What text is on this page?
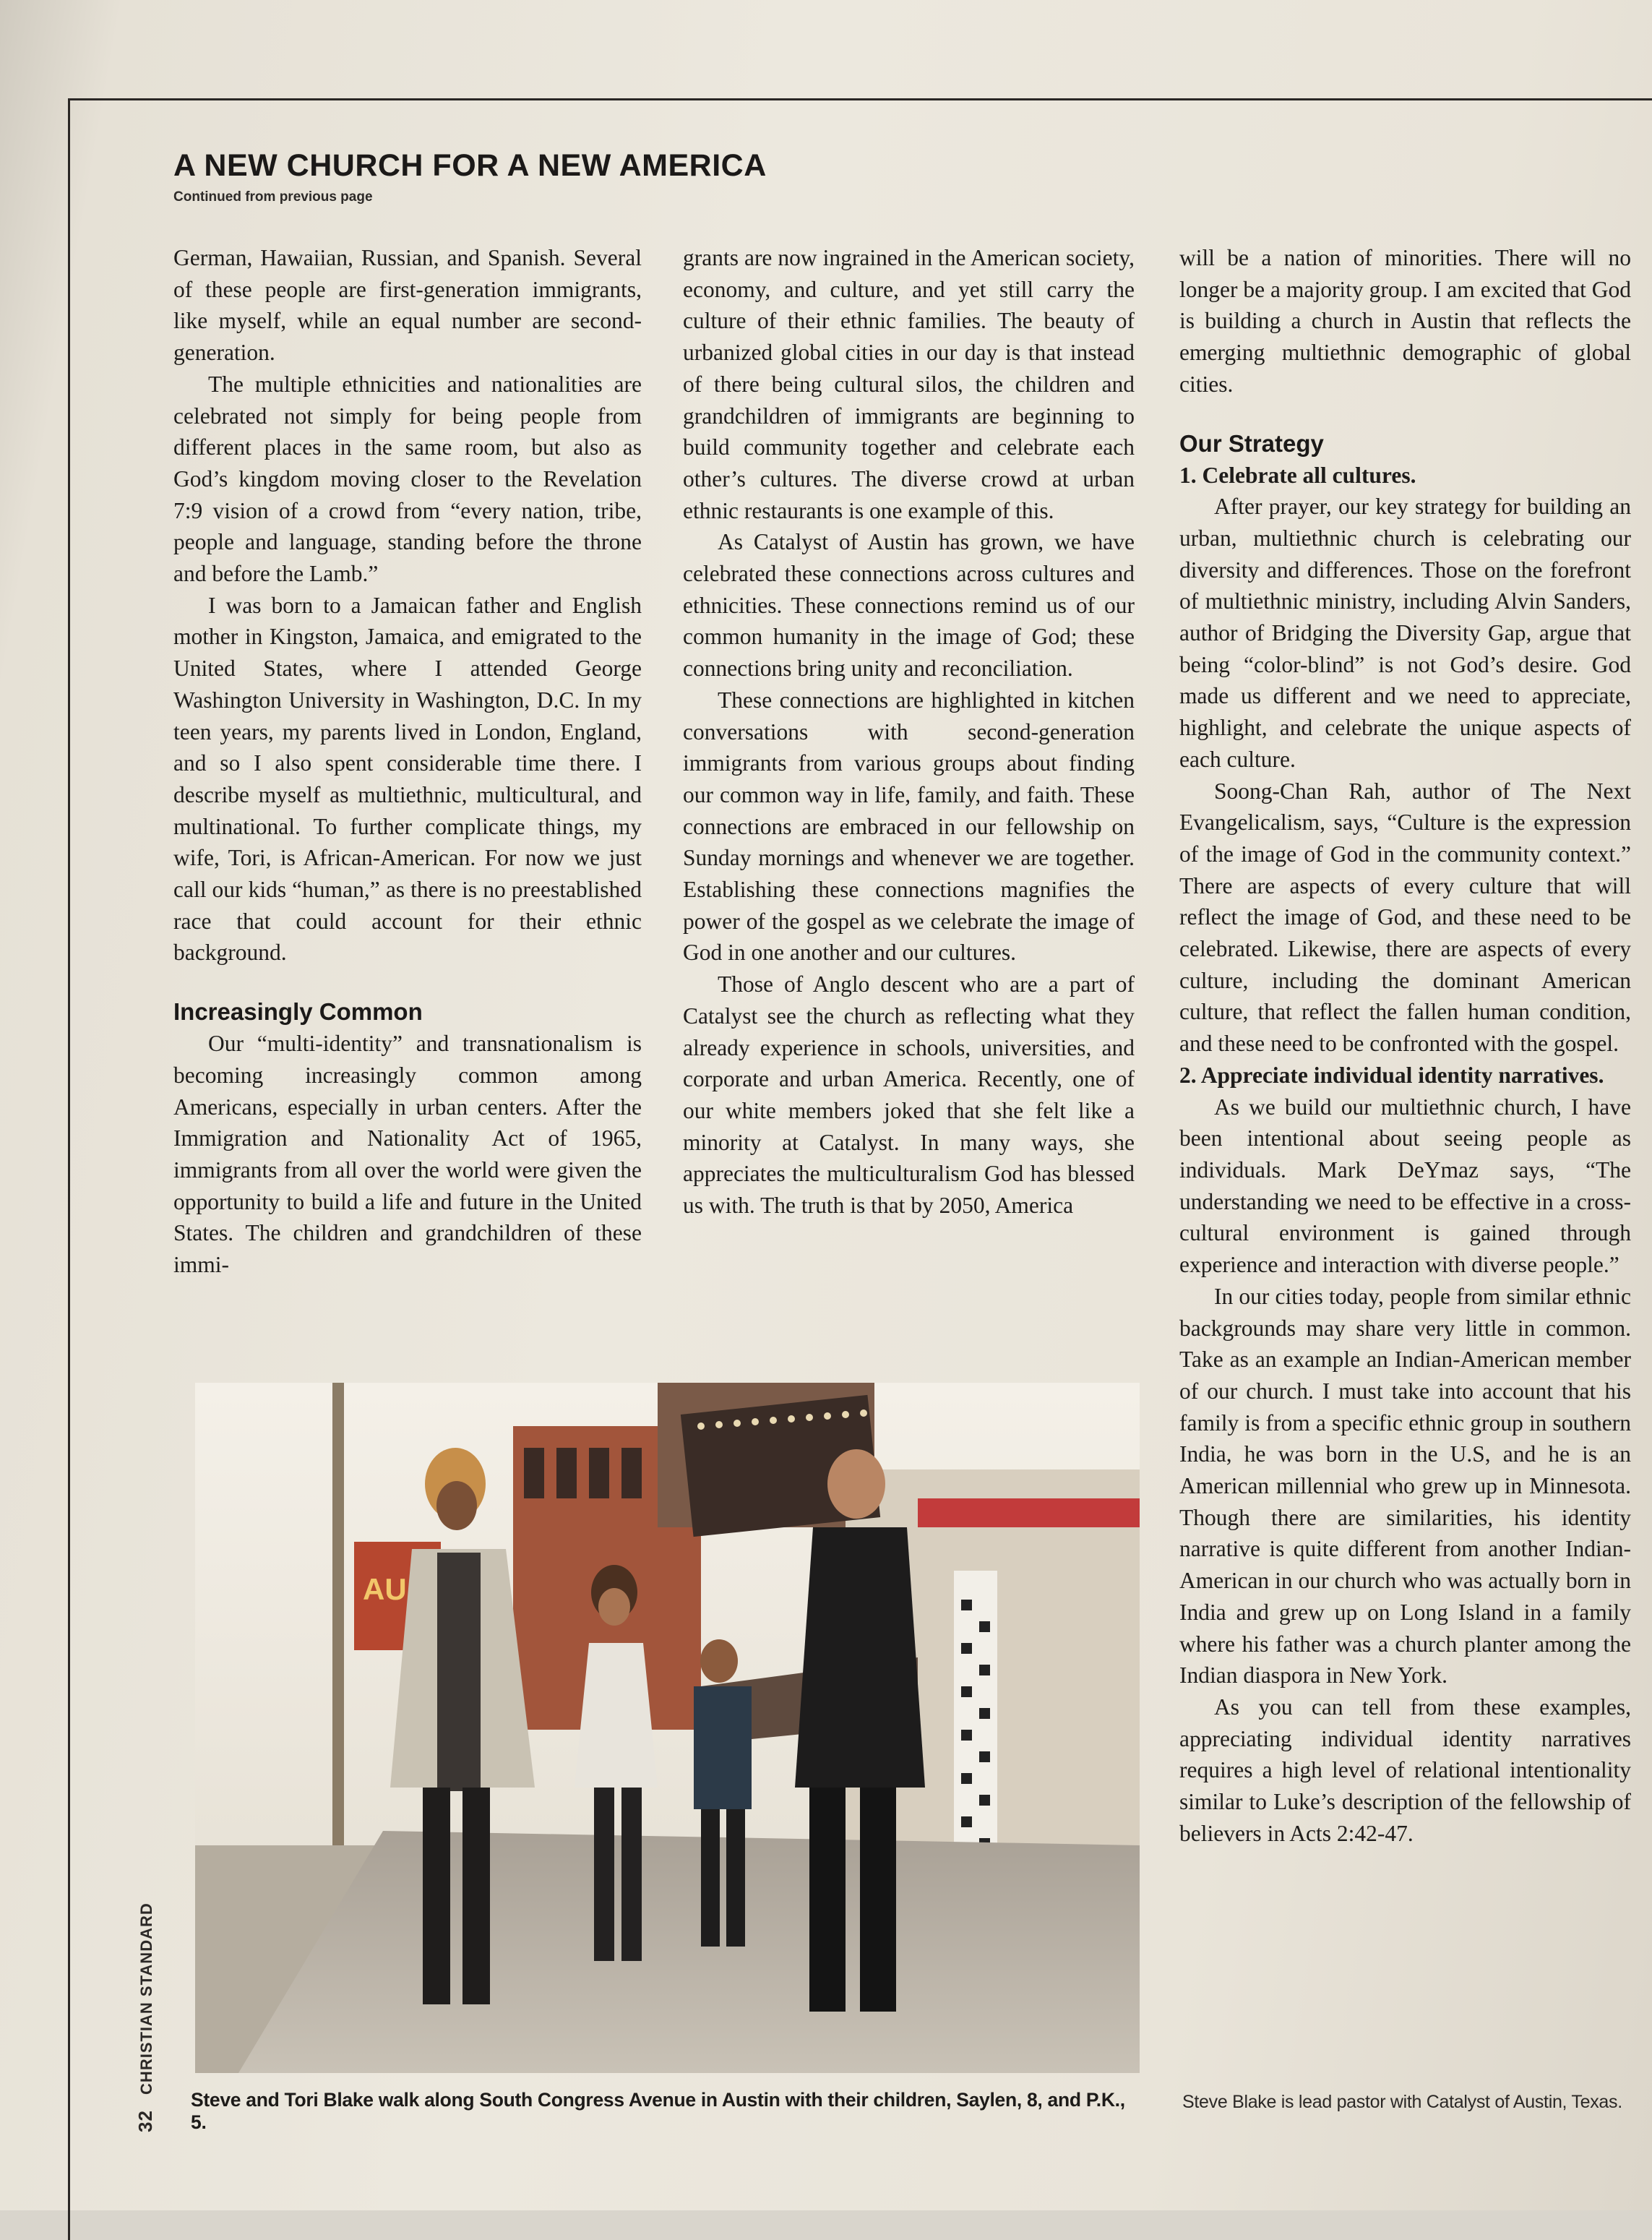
A NEW CHURCH FOR A NEW AMERICA

Continued from previous page

German, Hawaiian, Russian, and Spanish. Several of these people are first-generation immigrants, like myself, while an equal number are second-generation.

The multiple ethnicities and nationalities are celebrated not simply for being people from different places in the same room, but also as God’s kingdom moving closer to the Revelation 7:9 vision of a crowd from “every nation, tribe, people and language, standing before the throne and before the Lamb.”

I was born to a Jamaican father and English mother in Kingston, Jamaica, and emigrated to the United States, where I attended George Washington University in Washington, D.C. In my teen years, my parents lived in London, England, and so I also spent considerable time there. I describe myself as multiethnic, multicultural, and multinational. To further complicate things, my wife, Tori, is African-American. For now we just call our kids “human,” as there is no preestablished race that could account for their ethnic background.

Increasingly Common

Our “multi-identity” and transnationalism is becoming increasingly common among Americans, especially in urban centers. After the Immigration and Nationality Act of 1965, immigrants from all over the world were given the opportunity to build a life and future in the United States. The children and grandchildren of these immi-

grants are now ingrained in the American society, economy, and culture, and yet still carry the culture of their ethnic families. The beauty of urbanized global cities in our day is that instead of there being cultural silos, the children and grandchildren of immigrants are beginning to build community together and celebrate each other’s cultures. The diverse crowd at urban ethnic restaurants is one example of this.

As Catalyst of Austin has grown, we have celebrated these connections across cultures and ethnicities. These connections remind us of our common humanity in the image of God; these connections bring unity and reconciliation.

These connections are highlighted in kitchen conversations with second-generation immigrants from various groups about finding our common way in life, family, and faith. These connections are embraced in our fellowship on Sunday mornings and whenever we are together. Establishing these connections magnifies the power of the gospel as we celebrate the image of God in one another and our cultures.

Those of Anglo descent who are a part of Catalyst see the church as reflecting what they already experience in schools, universities, and corporate and urban America. Recently, one of our white members joked that she felt like a minority at Catalyst. In many ways, she appreciates the multiculturalism God has blessed us with. The truth is that by 2050, America

will be a nation of minorities. There will no longer be a majority group. I am excited that God is building a church in Austin that reflects the emerging multiethnic demographic of global cities.

Our Strategy

1. Celebrate all cultures.

After prayer, our key strategy for building an urban, multiethnic church is celebrating our diversity and differences. Those on the forefront of multiethnic ministry, including Alvin Sanders, author of Bridging the Diversity Gap, argue that being “color-blind” is not God’s desire. God made us different and we need to appreciate, highlight, and celebrate the unique aspects of each culture.

Soong-Chan Rah, author of The Next Evangelicalism, says, “Culture is the expression of the image of God in the community context.” There are aspects of every culture that will reflect the image of God, and these need to be celebrated. Likewise, there are aspects of every culture, including the dominant American culture, that reflect the fallen human condition, and these need to be confronted with the gospel.

2. Appreciate individual identity narratives.

As we build our multiethnic church, I have been intentional about seeing people as individuals. Mark DeYmaz says, “The understanding we need to be effective in a cross-cultural environment is gained through experience and interaction with diverse people.”

In our cities today, people from similar ethnic backgrounds may share very little in common. Take as an example an Indian-American member of our church. I must take into account that his family is from a specific ethnic group in southern India, he was born in the U.S, and he is an American millennial who grew up in Minnesota. Though there are similarities, his identity narrative is quite different from another Indian-American in our church who was actually born in India and grew up on Long Island in a family where his father was a church planter among the Indian diaspora in New York.

As you can tell from these examples, appreciating individual identity narratives requires a high level of relational intentionality similar to Luke’s description of the fellowship of believers in Acts 2:42-47.

AU

Steve and Tori Blake walk along South Congress Avenue in Austin with their children, Saylen, 8, and P.K., 5.

Steve Blake is lead pastor with Catalyst of Austin, Texas.

32 CHRISTIAN STANDARD
